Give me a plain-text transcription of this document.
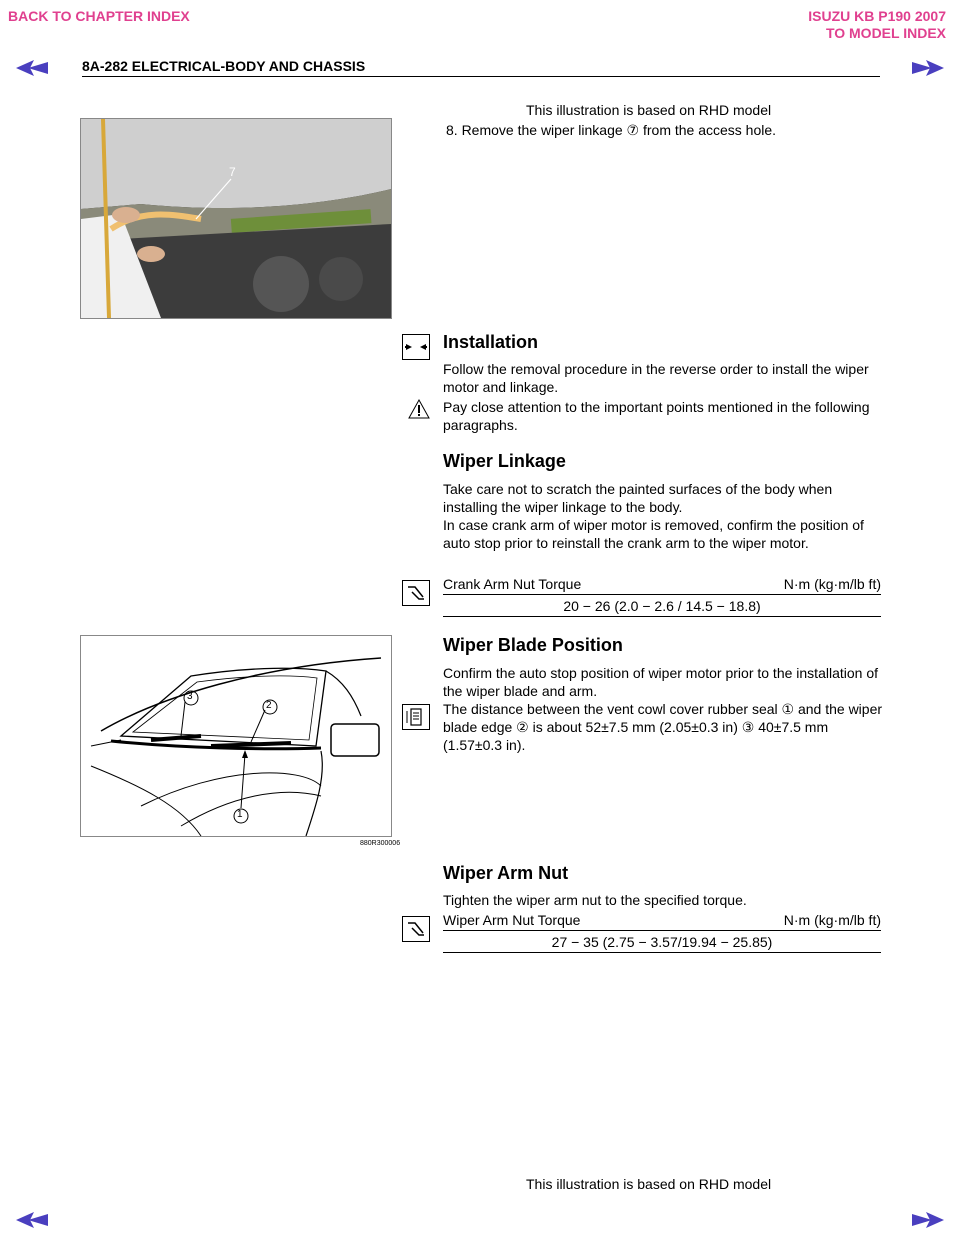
BACK TO CHAPTER INDEX	ISUZU KB P190 2007
TO MODEL INDEX
8A-282 ELECTRICAL-BODY AND CHASSIS
This illustration is based on RHD model
8. Remove the wiper linkage ⑦ from the access hole.
7
Installation
Follow the removal procedure in the reverse order to install the wiper motor and linkage.
Pay close attention to the important points mentioned in the following paragraphs.
Wiper Linkage
Take care not to scratch the painted surfaces of the body when installing the wiper linkage to the body.
In case crank arm of wiper motor is removed, confirm the position of auto stop prior to reinstall the crank arm to the wiper motor.
Crank Arm Nut Torque	N·m (kg·m/lb ft)
20 − 26 (2.0 − 2.6 / 14.5 − 18.8)
3
2
1
880R300006
Wiper Blade Position
Confirm the auto stop position of wiper motor prior to the installation of the wiper blade and arm.
The distance between the vent cowl cover rubber seal ① and the wiper blade edge ② is about 52±7.5 mm (2.05±0.3 in) ③ 40±7.5 mm (1.57±0.3 in).
Wiper Arm Nut
Tighten the wiper arm nut to the specified torque.
Wiper Arm Nut Torque	N·m (kg·m/lb ft)
27 − 35 (2.75 − 3.57/19.94 − 25.85)
This illustration is based on RHD model
